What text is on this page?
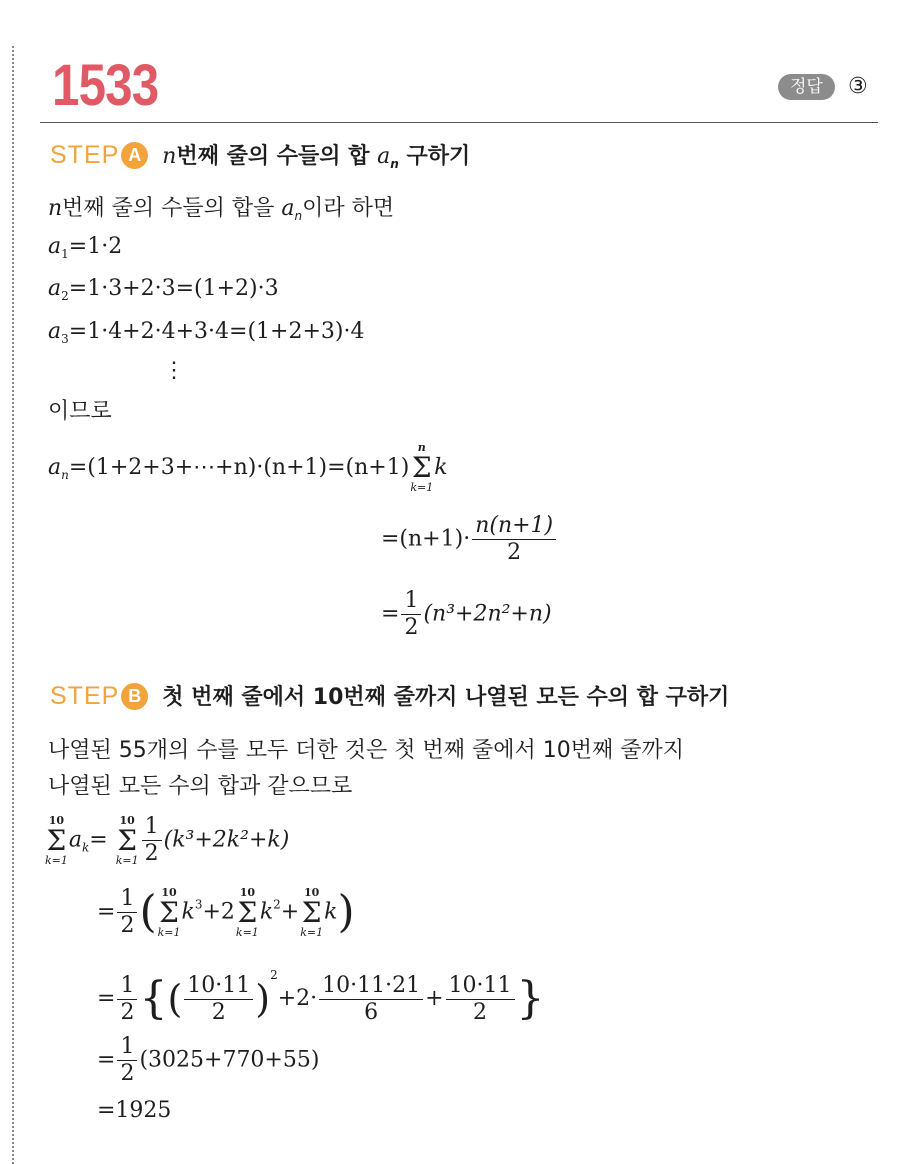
1533	정답	③
STEP A n번째 줄의 수들의 합 $a_n$ 구하기
n번째 줄의 수들의 합을 $a_n$이라 하면
$a_1=1\cdot 2$
$a_2=1\cdot 3+2\cdot 3=(1+2)\cdot 3$
$a_3=1\cdot 4+2\cdot 4+3\cdot 4=(1+2+3)\cdot 4$
⋮
이므로
$a_n=(1+2+3+\cdots+n)\cdot(n+1)=(n+1)$
n
Σ
k=1
k
$=(n+1)\cdot \frac{n(n+1)}{2}$
= $\frac{1}{2} (n^3+2n^2+n)$
STEP B 첫 번째 줄에서 10번째 줄까지 나열된 모든 수의 합 구하기
나열된 55개의 수를 모두 더한 것은 첫 번째 줄에서 10번째 줄까지
나열된 모든 수의 합과 같으므로
10
Σ
k=1
$a_k=$
10
Σ
$k=1 \frac{1}{2} (k^3+2k^2+k)$
= $\frac{1}{2}$ ( 10
Σ
k=1
$k^3+2$
10
Σ
k=1
$k^2+$
10
Σ
k=1
k)
= $\frac{1}{2}$ {( $\frac{10\cdot 11}{2} )^2+2\cdot \frac{10\cdot 11\cdot 21}{6} + \frac{10\cdot 11}{2}$ }
= $\frac{1}{2} (3025+770+55)$
=1925
